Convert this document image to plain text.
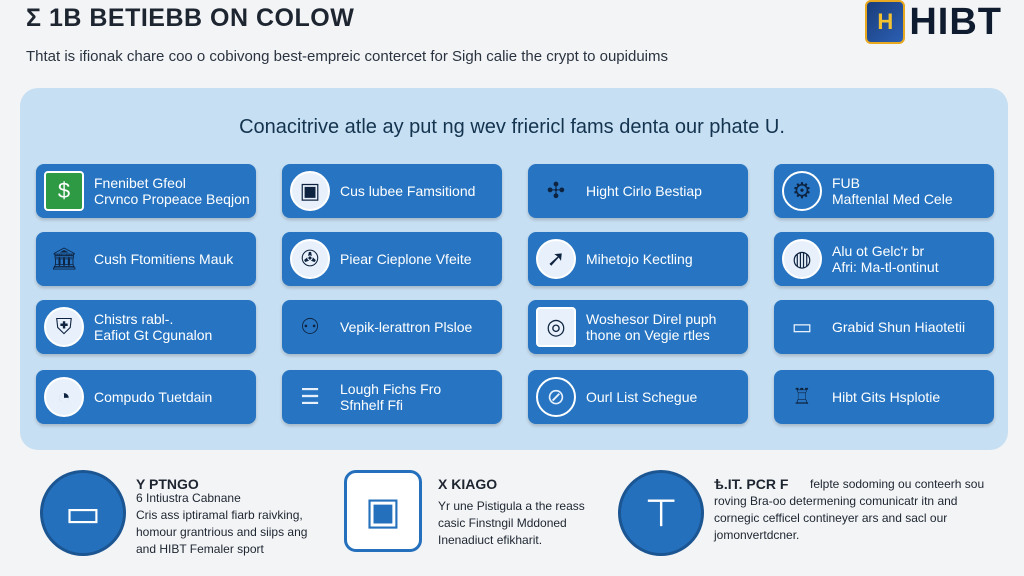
Σ 1B BETIEBB ON COLOW
Thtat is ifionak chare coo o cobivong best-empreic contercet for Sigh calie the crypt to oupiduims
H HIBT
Conacitrive atle ay put ng wev friericl fams denta our phate U.
$	Fnenibet Gfeol
Crvnco Propeace Beqjon	▣	Cus lubee Famsitiond	✣	Hight Cirlo Bestiap	⚙	FUB
Maftenlal Med Cele
🏛	Cush Ftomitiens Mauk	✇	Piear Cieplone Vfeite	➚	Mihetojo Kectling	◍	Alu ot Gelc'r br
Afri: Ma-tl-ontinut
⛨	Chistrs rabl-.
Eafiot Gt Cgunalon	⚇	Vepik-lerattron Plsloe	◎	Woshesor Direl puph
thone on Vegie rtles	▭	Grabid Shun Hiaotetii
◔	Compudo Tuetdain	☰	Lough Fichs Fro
Sfnhelf Ffi	⊘	Ourl List Schegue	♖	Hibt Gits Hsplotie
▭
Y PTNGO
6 Intiustra Cabnane
Cris ass iptiramal fiarb raivking,
homour grantrious and siips ang
and HIBT Femaler sport
▣
X KIAGO
Yr une Pistigula a the reass
casic Finstngil Mddoned
Inenadiuct efikharit.
⊤
ѣ.IT. PCR F	felpte sodoming ou conteerh sou
roving Bra-oo determening comunicatr itn and
cornegic cefficel contineyer ars and sacl our
jomonvertdcner.
